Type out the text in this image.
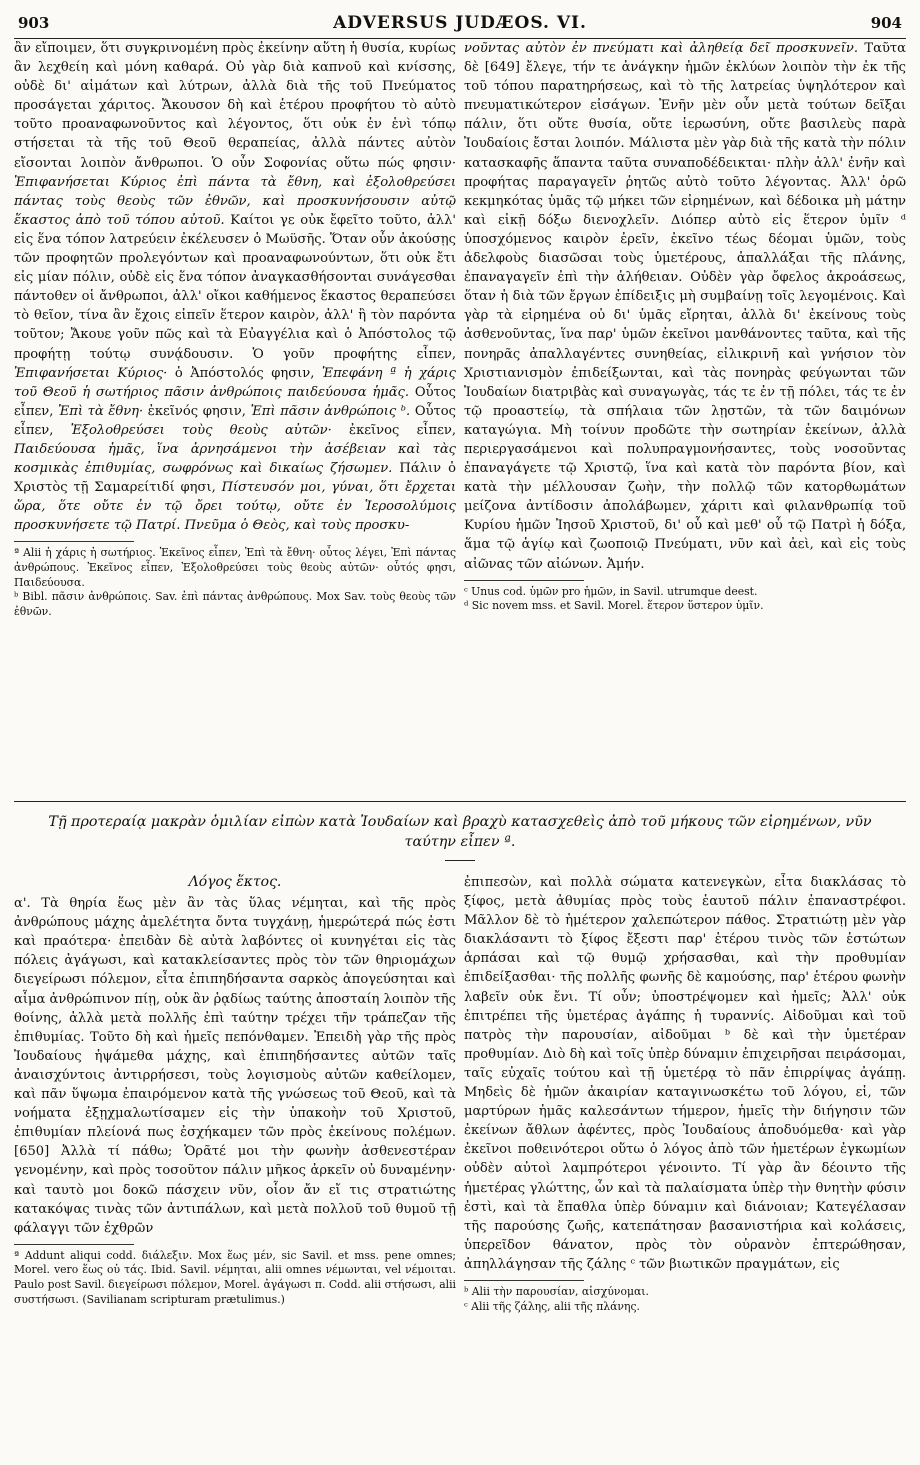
903	ADVERSUS JUDÆOS. VI.	904

ἂν εἴποιμεν, ὅτι συγκρινομένη πρὸς ἐκείνην αὕτη ἡ θυσία, κυρίως ἂν λεχθείη καὶ μόνη καθαρά. Οὐ γὰρ διὰ καπνοῦ καὶ κνίσσης, οὐδὲ δι' αἱμάτων καὶ λύτρων, ἀλλὰ διὰ τῆς τοῦ Πνεύματος προσάγεται χάριτος. Ἄκουσον δὴ καὶ ἑτέρου προφήτου τὸ αὐτὸ τοῦτο προαναφωνοῦντος καὶ λέγοντος, ὅτι οὐκ ἐν ἑνὶ τόπῳ στήσεται τὰ τῆς τοῦ Θεοῦ θεραπείας, ἀλλὰ πάντες αὐτὸν εἴσονται λοιπὸν ἄνθρωποι. Ὁ οὖν Σοφονίας οὕτω πώς φησιν· Ἐπιφανήσεται Κύριος ἐπὶ πάντα τὰ ἔθνη, καὶ ἐξολοθρεύσει πάντας τοὺς θεοὺς τῶν ἐθνῶν, καὶ προσκυνήσουσιν αὐτῷ ἕκαστος ἀπὸ τοῦ τόπου αὐτοῦ. Καίτοι γε οὐκ ἔφεῖτο τοῦτο, ἀλλ' εἰς ἕνα τόπον λατρεύειν ἐκέλευσεν ὁ Μωϋσῆς. Ὅταν οὖν ἀκούσῃς τῶν προφητῶν προλεγόντων καὶ προαναφωνούντων, ὅτι οὐκ ἔτι εἰς μίαν πόλιν, οὐδὲ εἰς ἕνα τόπον ἀναγκασθήσονται συνάγεσθαι πάντοθεν οἱ ἄνθρωποι, ἀλλ' οἴκοι καθήμενος ἕκαστος θεραπεύσει τὸ θεῖον, τίνα ἂν ἔχοις εἰπεῖν ἕτερον καιρὸν, ἀλλ' ἢ τὸν παρόντα τοῦτον; Ἄκουε γοῦν πῶς καὶ τὰ Εὐαγγέλια καὶ ὁ Ἀπόστολος τῷ προφήτῃ τούτῳ συνᾴδουσιν. Ὁ γοῦν προφήτης εἶπεν, Ἐπιφανήσεται Κύριος· ὁ Ἀπόστολός φησιν, Ἐπεφάνη ª ἡ χάρις τοῦ Θεοῦ ἡ σωτήριος πᾶσιν ἀνθρώποις παιδεύουσα ἡμᾶς. Οὗτος εἶπεν, Ἐπὶ τὰ ἔθνη· ἐκεῖνός φησιν, Ἐπὶ πᾶσιν ἀνθρώποις ᵇ. Οὗτος εἶπεν, Ἐξολοθρεύσει τοὺς θεοὺς αὐτῶν· ἐκεῖνος εἶπεν, Παιδεύουσα ἡμᾶς, ἵνα ἀρνησάμενοι τὴν ἀσέβειαν καὶ τὰς κοσμικὰς ἐπιθυμίας, σωφρόνως καὶ δικαίως ζήσωμεν. Πάλιν ὁ Χριστὸς τῇ Σαμαρείτιδί φησι, Πίστευσόν μοι, γύναι, ὅτι ἔρχεται ὥρα, ὅτε οὔτε ἐν τῷ ὄρει τούτῳ, οὔτε ἐν Ἱεροσολύμοις προσκυνήσετε τῷ Πατρί. Πνεῦμα ὁ Θεὸς, καὶ τοὺς προσκυ-

ª Alii ἡ χάρις ἡ σωτήριος. Ἐκεῖνος εἶπεν, Ἐπὶ τὰ ἔθνη· οὗτος λέγει, Ἐπὶ πάντας ἀνθρώπους. Ἐκεῖνος εἶπεν, Ἐξολοθρεύσει τοὺς θεοὺς αὐτῶν· οὗτός φησι, Παιδεύουσα.

ᵇ Bibl. πᾶσιν ἀνθρώποις. Sav. ἐπὶ πάντας ἀνθρώπους. Mox Sav. τοὺς θεοὺς τῶν ἐθνῶν.

νοῦντας αὐτὸν ἐν πνεύματι καὶ ἀληθείᾳ δεῖ προσκυνεῖν. Ταῦτα δὲ [649] ἔλεγε, τήν τε ἀνάγκην ἡμῶν ἐκλύων λοιπὸν τὴν ἐκ τῆς τοῦ τόπου παρατηρήσεως, καὶ τὸ τῆς λατρείας ὑψηλότερον καὶ πνευματικώτερον εἰσάγων. Ἐνῆν μὲν οὖν μετὰ τούτων δεῖξαι πάλιν, ὅτι οὔτε θυσία, οὔτε ἱερωσύνη, οὔτε βασιλεὺς παρὰ Ἰουδαίοις ἔσται λοιπόν. Μάλιστα μὲν γὰρ διὰ τῆς κατὰ τὴν πόλιν κατασκαφῆς ἅπαντα ταῦτα συναποδέδεικται· πλὴν ἀλλ' ἐνῆν καὶ προφήτας παραγαγεῖν ῥητῶς αὐτὸ τοῦτο λέγοντας. Ἀλλ' ὁρῶ κεκμηκότας ὑμᾶς τῷ μήκει τῶν εἰρημένων, καὶ δέδοικα μὴ μάτην καὶ εἰκῇ δόξω διενοχλεῖν. Διόπερ αὐτὸ εἰς ἕτερον ὑμῖν ᵈ ὑποσχόμενος καιρὸν ἐρεῖν, ἐκεῖνο τέως δέομαι ὑμῶν, τοὺς ἀδελφοὺς διασῶσαι τοὺς ὑμετέρους, ἀπαλλάξαι τῆς πλάνης, ἐπαναγαγεῖν ἐπὶ τὴν ἀλήθειαν. Οὐδὲν γὰρ ὄφελος ἀκροάσεως, ὅταν ἡ διὰ τῶν ἔργων ἐπίδειξις μὴ συμβαίνῃ τοῖς λεγομένοις. Καὶ γὰρ τὰ εἰρημένα οὐ δι' ὑμᾶς εἴρηται, ἀλλὰ δι' ἐκείνους τοὺς ἀσθενοῦντας, ἵνα παρ' ὑμῶν ἐκεῖνοι μανθάνοντες ταῦτα, καὶ τῆς πονηρᾶς ἀπαλλαγέντες συνηθείας, εἰλικρινῆ καὶ γνήσιον τὸν Χριστιανισμὸν ἐπιδείξωνται, καὶ τὰς πονηρὰς φεύγωνται τῶν Ἰουδαίων διατριβὰς καὶ συναγωγὰς, τάς τε ἐν τῇ πόλει, τάς τε ἐν τῷ προαστείῳ, τὰ σπήλαια τῶν λῃστῶν, τὰ τῶν δαιμόνων καταγώγια. Μὴ τοίνυν προδῶτε τὴν σωτηρίαν ἐκείνων, ἀλλὰ περιεργασάμενοι καὶ πολυπραγμονήσαντες, τοὺς νοσοῦντας ἐπαναγάγετε τῷ Χριστῷ, ἵνα καὶ κατὰ τὸν παρόντα βίον, καὶ κατὰ τὴν μέλλουσαν ζωὴν, τὴν πολλῷ τῶν κατορθωμάτων μείζονα ἀντίδοσιν ἀπολάβωμεν, χάριτι καὶ φιλανθρωπίᾳ τοῦ Κυρίου ἡμῶν Ἰησοῦ Χριστοῦ, δι' οὗ καὶ μεθ' οὗ τῷ Πατρὶ ἡ δόξα, ἅμα τῷ ἁγίῳ καὶ ζωοποιῷ Πνεύματι, νῦν καὶ ἀεὶ, καὶ εἰς τοὺς αἰῶνας τῶν αἰώνων. Ἀμήν.

ᶜ Unus cod. ὑμῶν pro ἡμῶν, in Savil. utrumque deest.

ᵈ Sic novem mss. et Savil. Morel. ἕτερον ὕστερον ὑμῖν.

Τῇ προτεραίᾳ μακρὰν ὁμιλίαν εἰπὼν κατὰ Ἰουδαίων καὶ βραχὺ κατασχεθεὶς ἀπὸ τοῦ μήκους τῶν εἰρημένων, νῦν ταύτην εἶπεν ª.
Λόγος ἕκτος.

α'. Τὰ θηρία ἕως μὲν ἂν τὰς ὕλας νέμηται, καὶ τῆς πρὸς ἀνθρώπους μάχης ἀμελέτητα ὄντα τυγχάνῃ, ἡμερώτερά πώς ἐστι καὶ πραότερα· ἐπειδὰν δὲ αὐτὰ λαβόντες οἱ κυνηγέται εἰς τὰς πόλεις ἀγάγωσι, καὶ κατακλείσαντες πρὸς τὸν τῶν θηριομάχων διεγείρωσι πόλεμον, εἶτα ἐπιπηδήσαντα σαρκὸς ἀπογεύσηται καὶ αἷμα ἀνθρώπινον πίῃ, οὐκ ἂν ῥᾳδίως ταύτης ἀποσταίη λοιπὸν τῆς θοίνης, ἀλλὰ μετὰ πολλῆς ἐπὶ ταύτην τρέχει τῆν τράπεζαν τῆς ἐπιθυμίας. Τοῦτο δὴ καὶ ἡμεῖς πεπόνθαμεν. Ἐπειδὴ γὰρ τῆς πρὸς Ἰουδαίους ἡψάμεθα μάχης, καὶ ἐπιπηδήσαντες αὐτῶν ταῖς ἀναισχύντοις ἀντιρρήσεσι, τοὺς λογισμοὺς αὐτῶν καθείλομεν, καὶ πᾶν ὕψωμα ἐπαιρόμενον κατὰ τῆς γνώσεως τοῦ Θεοῦ, καὶ τὰ νοήματα ἐξῃχμαλωτίσαμεν εἰς τὴν ὑπακοὴν τοῦ Χριστοῦ, ἐπιθυμίαν πλείονά πως ἐσχήκαμεν τῶν πρὸς ἐκείνους πολέμων. [650] Ἀλλὰ τί πάθω; Ὁρᾶτέ μοι τὴν φωνὴν ἀσθενεστέραν γενομένην, καὶ πρὸς τοσοῦτον πάλιν μῆκος ἀρκεῖν οὐ δυναμένην· καὶ ταυτὸ μοι δοκῶ πάσχειν νῦν, οἷον ἄν εἴ τις στρατιώτης κατακόψας τινὰς τῶν ἀντιπάλων, καὶ μετὰ πολλοῦ τοῦ θυμοῦ τῇ φάλαγγι τῶν ἐχθρῶν

ª Addunt aliqui codd. διάλεξιν. Mox ἕως μέν, sic Savil. et mss. pene omnes; Morel. vero ἕως οὐ τάς. Ibid. Savil. νέμηται, alii omnes νέμωνται, vel νέμοιται. Paulo post Savil. διεγείρωσι πόλεμον, Morel. ἀγάγωσι π. Codd. alii στήσωσι, alii συστήσωσι. (Savilianam scripturam prætulimus.)

ἐπιπεσὼν, καὶ πολλὰ σώματα κατενεγκὼν, εἶτα διακλάσας τὸ ξίφος, μετὰ ἀθυμίας πρὸς τοὺς ἑαυτοῦ πάλιν ἐπαναστρέφοι. Μᾶλλον δὲ τὸ ἡμέτερον χαλεπώτερον πάθος. Στρατιώτῃ μὲν γὰρ διακλάσαντι τὸ ξίφος ἔξεστι παρ' ἑτέρου τινὸς τῶν ἑστώτων ἁρπάσαι καὶ τῷ θυμῷ χρήσασθαι, καὶ τὴν προθυμίαν ἐπιδείξασθαι· τῆς πολλῆς φωνῆς δὲ καμούσης, παρ' ἑτέρου φωνὴν λαβεῖν οὐκ ἔνι. Τί οὖν; ὑποστρέψομεν καὶ ἡμεῖς; Ἀλλ' οὐκ ἐπιτρέπει τῆς ὑμετέρας ἀγάπης ἡ τυραννίς. Αἰδοῦμαι καὶ τοῦ πατρὸς τὴν παρουσίαν, αἰδοῦμαι ᵇ δὲ καὶ τὴν ὑμετέραν προθυμίαν. Διὸ δὴ καὶ τοῖς ὑπὲρ δύναμιν ἐπιχειρῆσαι πειράσομαι, ταῖς εὐχαῖς τούτου καὶ τῇ ὑμετέρᾳ τὸ πᾶν ἐπιρρίψας ἀγάπῃ. Μηδεὶς δὲ ἡμῶν ἀκαιρίαν καταγινωσκέτω τοῦ λόγου, εἰ, τῶν μαρτύρων ἡμᾶς καλεσάντων τήμερον, ἡμεῖς τὴν διήγησιν τῶν ἐκείνων ἄθλων ἀφέντες, πρὸς Ἰουδαίους ἀποδυόμεθα· καὶ γὰρ ἐκεῖνοι ποθεινότεροι οὕτω ὁ λόγος ἀπὸ τῶν ἡμετέρων ἐγκωμίων οὐδὲν αὐτοὶ λαμπρότεροι γένοιντο. Τί γὰρ ἂν δέοιντο τῆς ἡμετέρας γλώττης, ὧν καὶ τὰ παλαίσματα ὑπὲρ τὴν θνητὴν φύσιν ἐστὶ, καὶ τὰ ἔπαθλα ὑπὲρ δύναμιν καὶ διάνοιαν; Κατεγέλασαν τῆς παρούσης ζωῆς, κατεπάτησαν βασανιστήρια καὶ κολάσεις, ὑπερεῖδον θάνατον, πρὸς τὸν οὐρανὸν ἐπτερώθησαν, ἀπηλλάγησαν τῆς ζάλης ᶜ τῶν βιωτικῶν πραγμάτων, εἰς

ᵇ Alii τὴν παρουσίαν, αἰσχύνομαι.

ᶜ Alii τῆς ζάλης, alii τῆς πλάνης.
